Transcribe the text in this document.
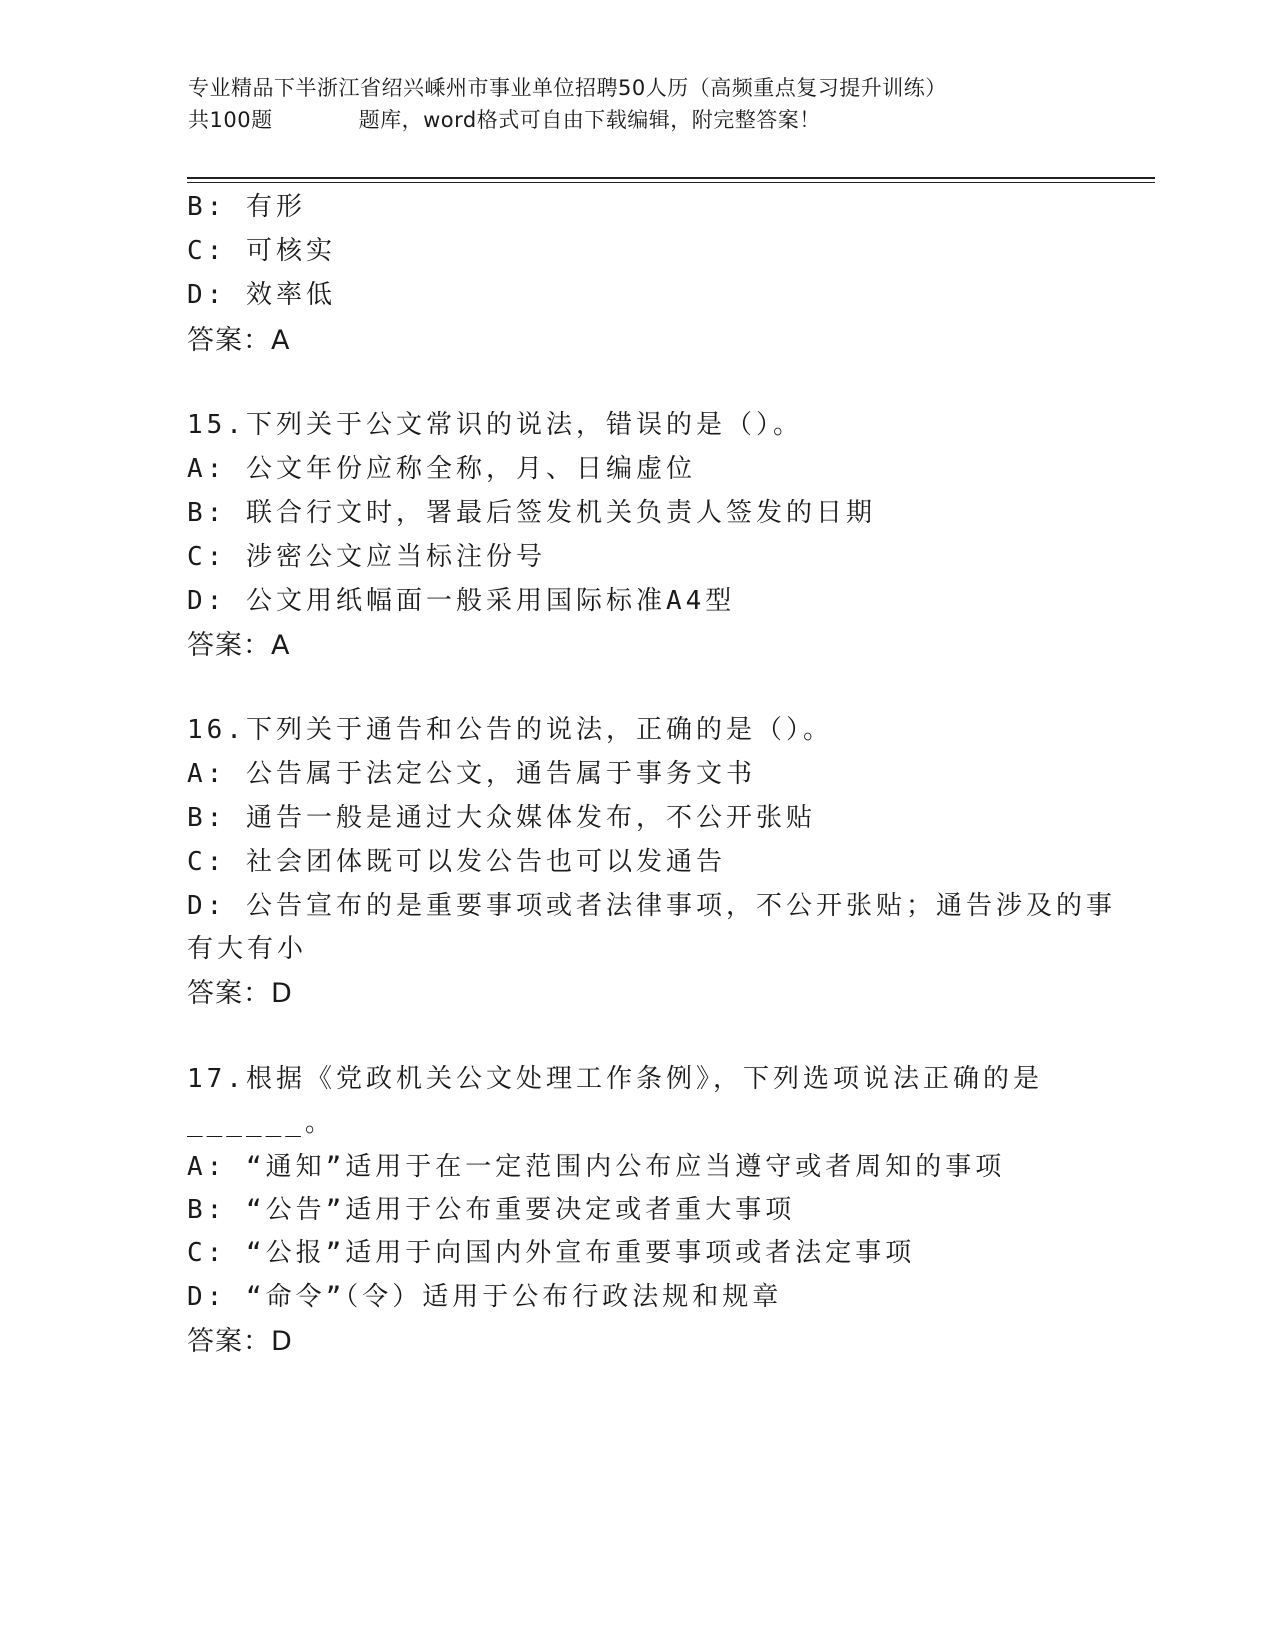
专业精品下半浙江省绍兴嵊州市事业单位招聘50人历（高频重点复习提升训练）
共100题	题库，word格式可自由下载编辑，附完整答案！
B: 有形
C: 可核实
D: 效率低
答案：A
15.下列关于公文常识的说法，错误的是（）。
A: 公文年份应称全称，月、日编虚位
B: 联合行文时，署最后签发机关负责人签发的日期
C: 涉密公文应当标注份号
D: 公文用纸幅面一般采用国际标准A4型
答案：A
16.下列关于通告和公告的说法，正确的是（）。
A: 公告属于法定公文，通告属于事务文书
B: 通告一般是通过大众媒体发布，不公开张贴
C: 社会团体既可以发公告也可以发通告
D: 公告宣布的是重要事项或者法律事项，不公开张贴；通告涉及的事
有大有小
答案：D
17.根据《党政机关公文处理工作条例》，下列选项说法正确的是
______。
A: “通知”适用于在一定范围内公布应当遵守或者周知的事项
B: “公告”适用于公布重要决定或者重大事项
C: “公报”适用于向国内外宣布重要事项或者法定事项
D: “命令”（令）适用于公布行政法规和规章
答案：D
